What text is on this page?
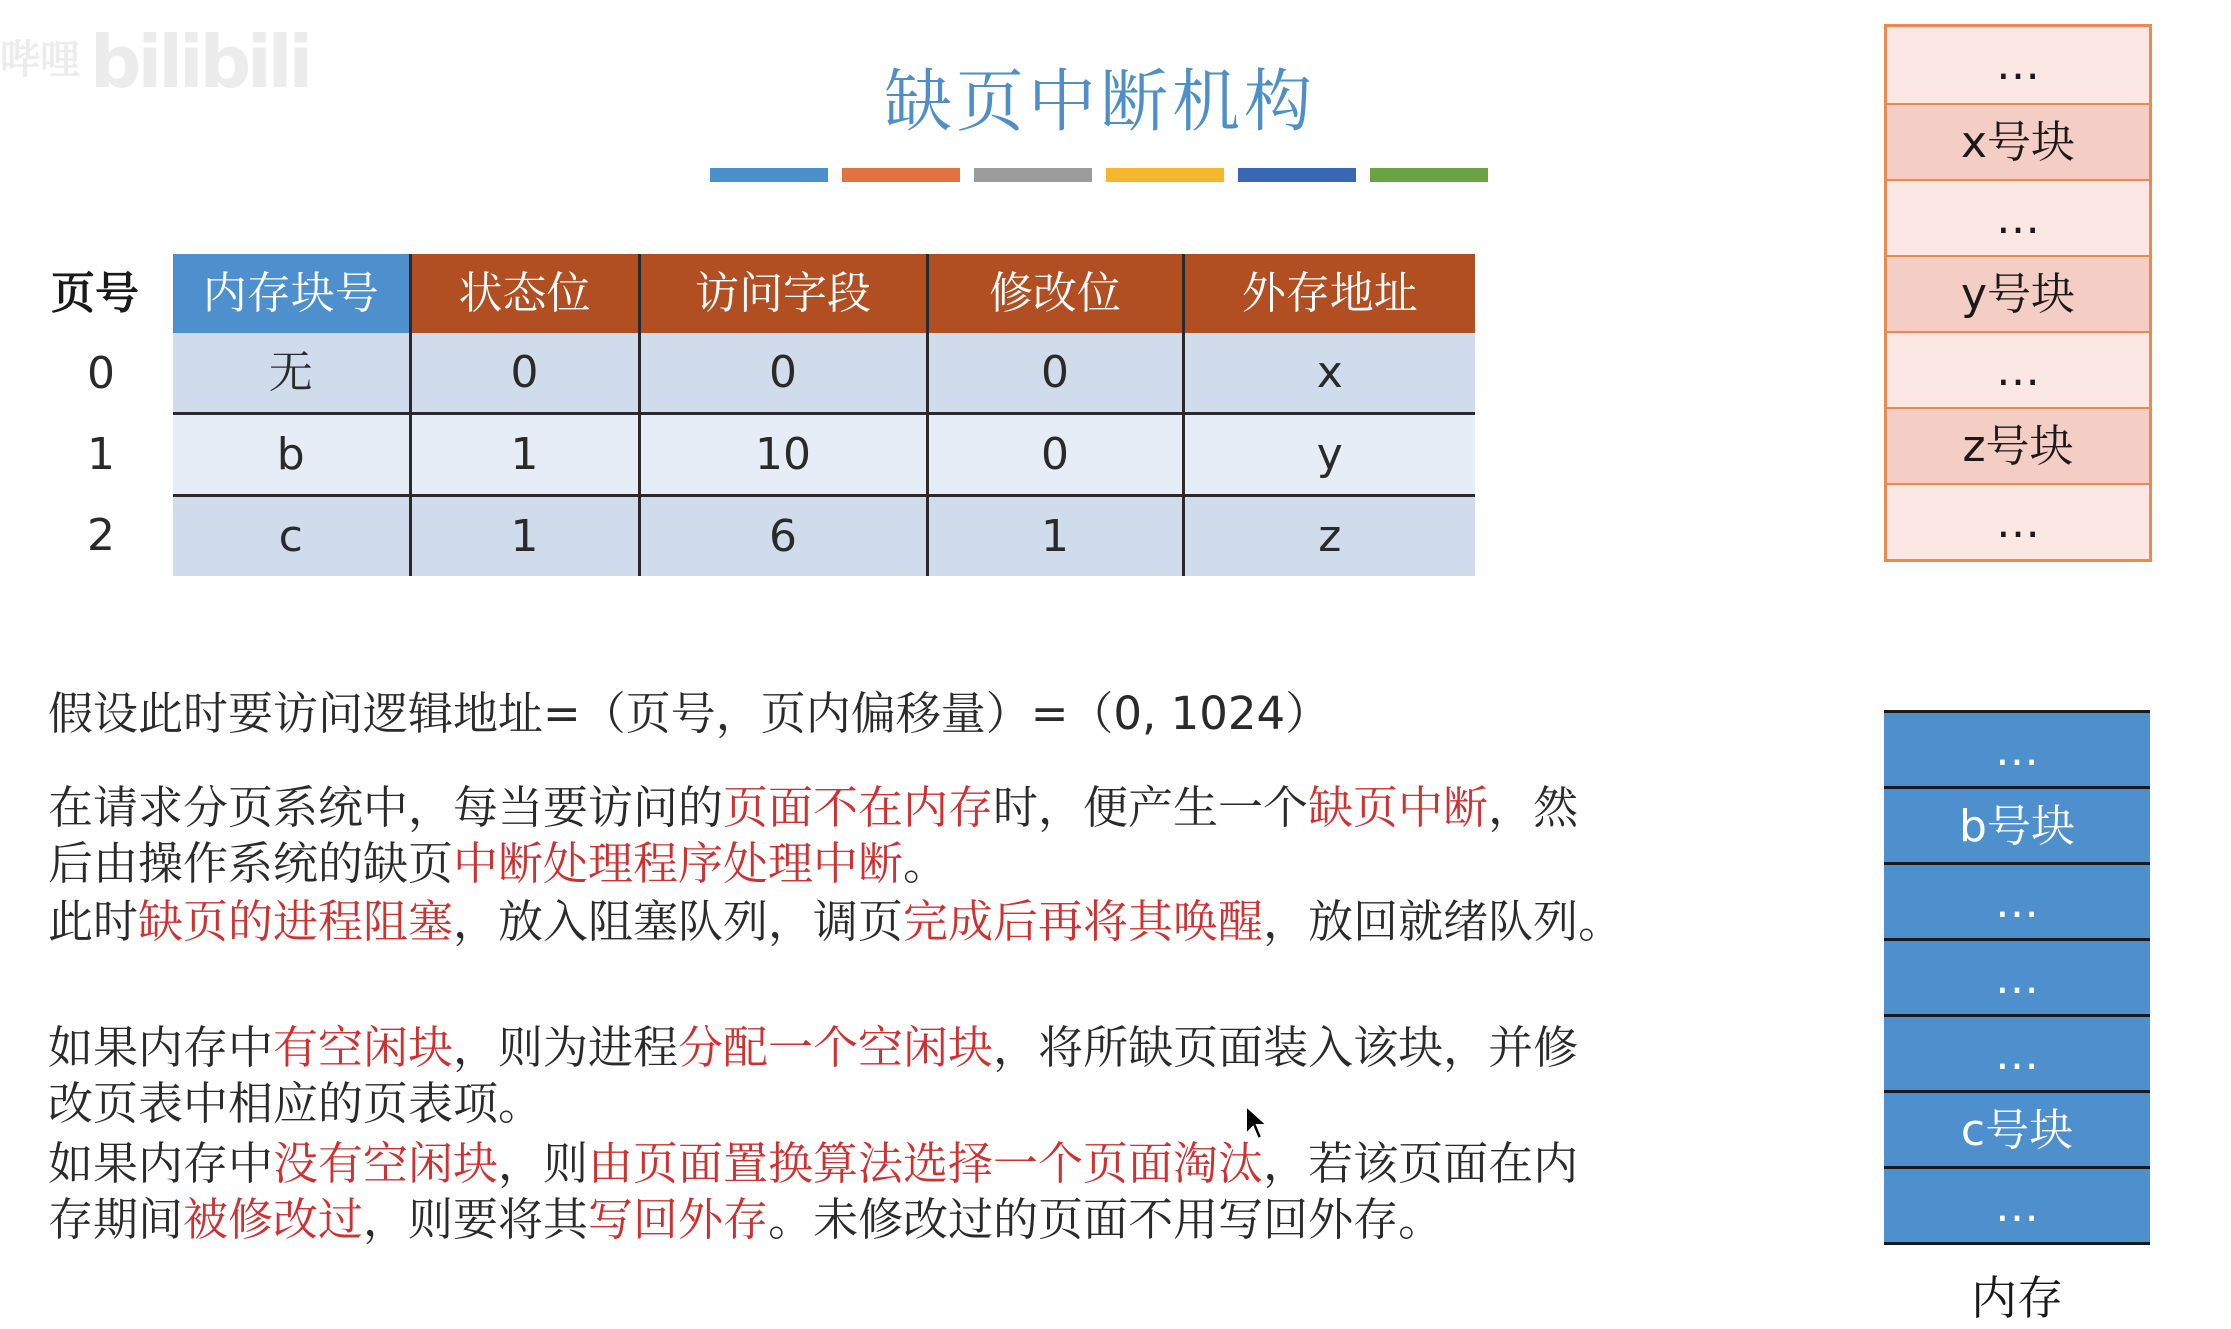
哔哩 bilibili	缺页中断机构
页号	内存块号	状态位	访问字段	修改位	外存地址
0	无	0	0	0	x
1	b	1	10	0	y
2	c	1	6	1	z
…
x号块
…
y号块
…
z号块
…
…
b号块
…
…
…
c号块
…
内存
假设此时要访问逻辑地址=（页号，页内偏移量）=（0, 1024）
在请求分页系统中，每当要访问的页面不在内存时，便产生一个缺页中断，然
后由操作系统的缺页中断处理程序处理中断。
此时缺页的进程阻塞，放入阻塞队列，调页完成后再将其唤醒，放回就绪队列。
如果内存中有空闲块，则为进程分配一个空闲块，将所缺页面装入该块，并修
改页表中相应的页表项。
如果内存中没有空闲块，则由页面置换算法选择一个页面淘汰，若该页面在内
存期间被修改过，则要将其写回外存。未修改过的页面不用写回外存。
